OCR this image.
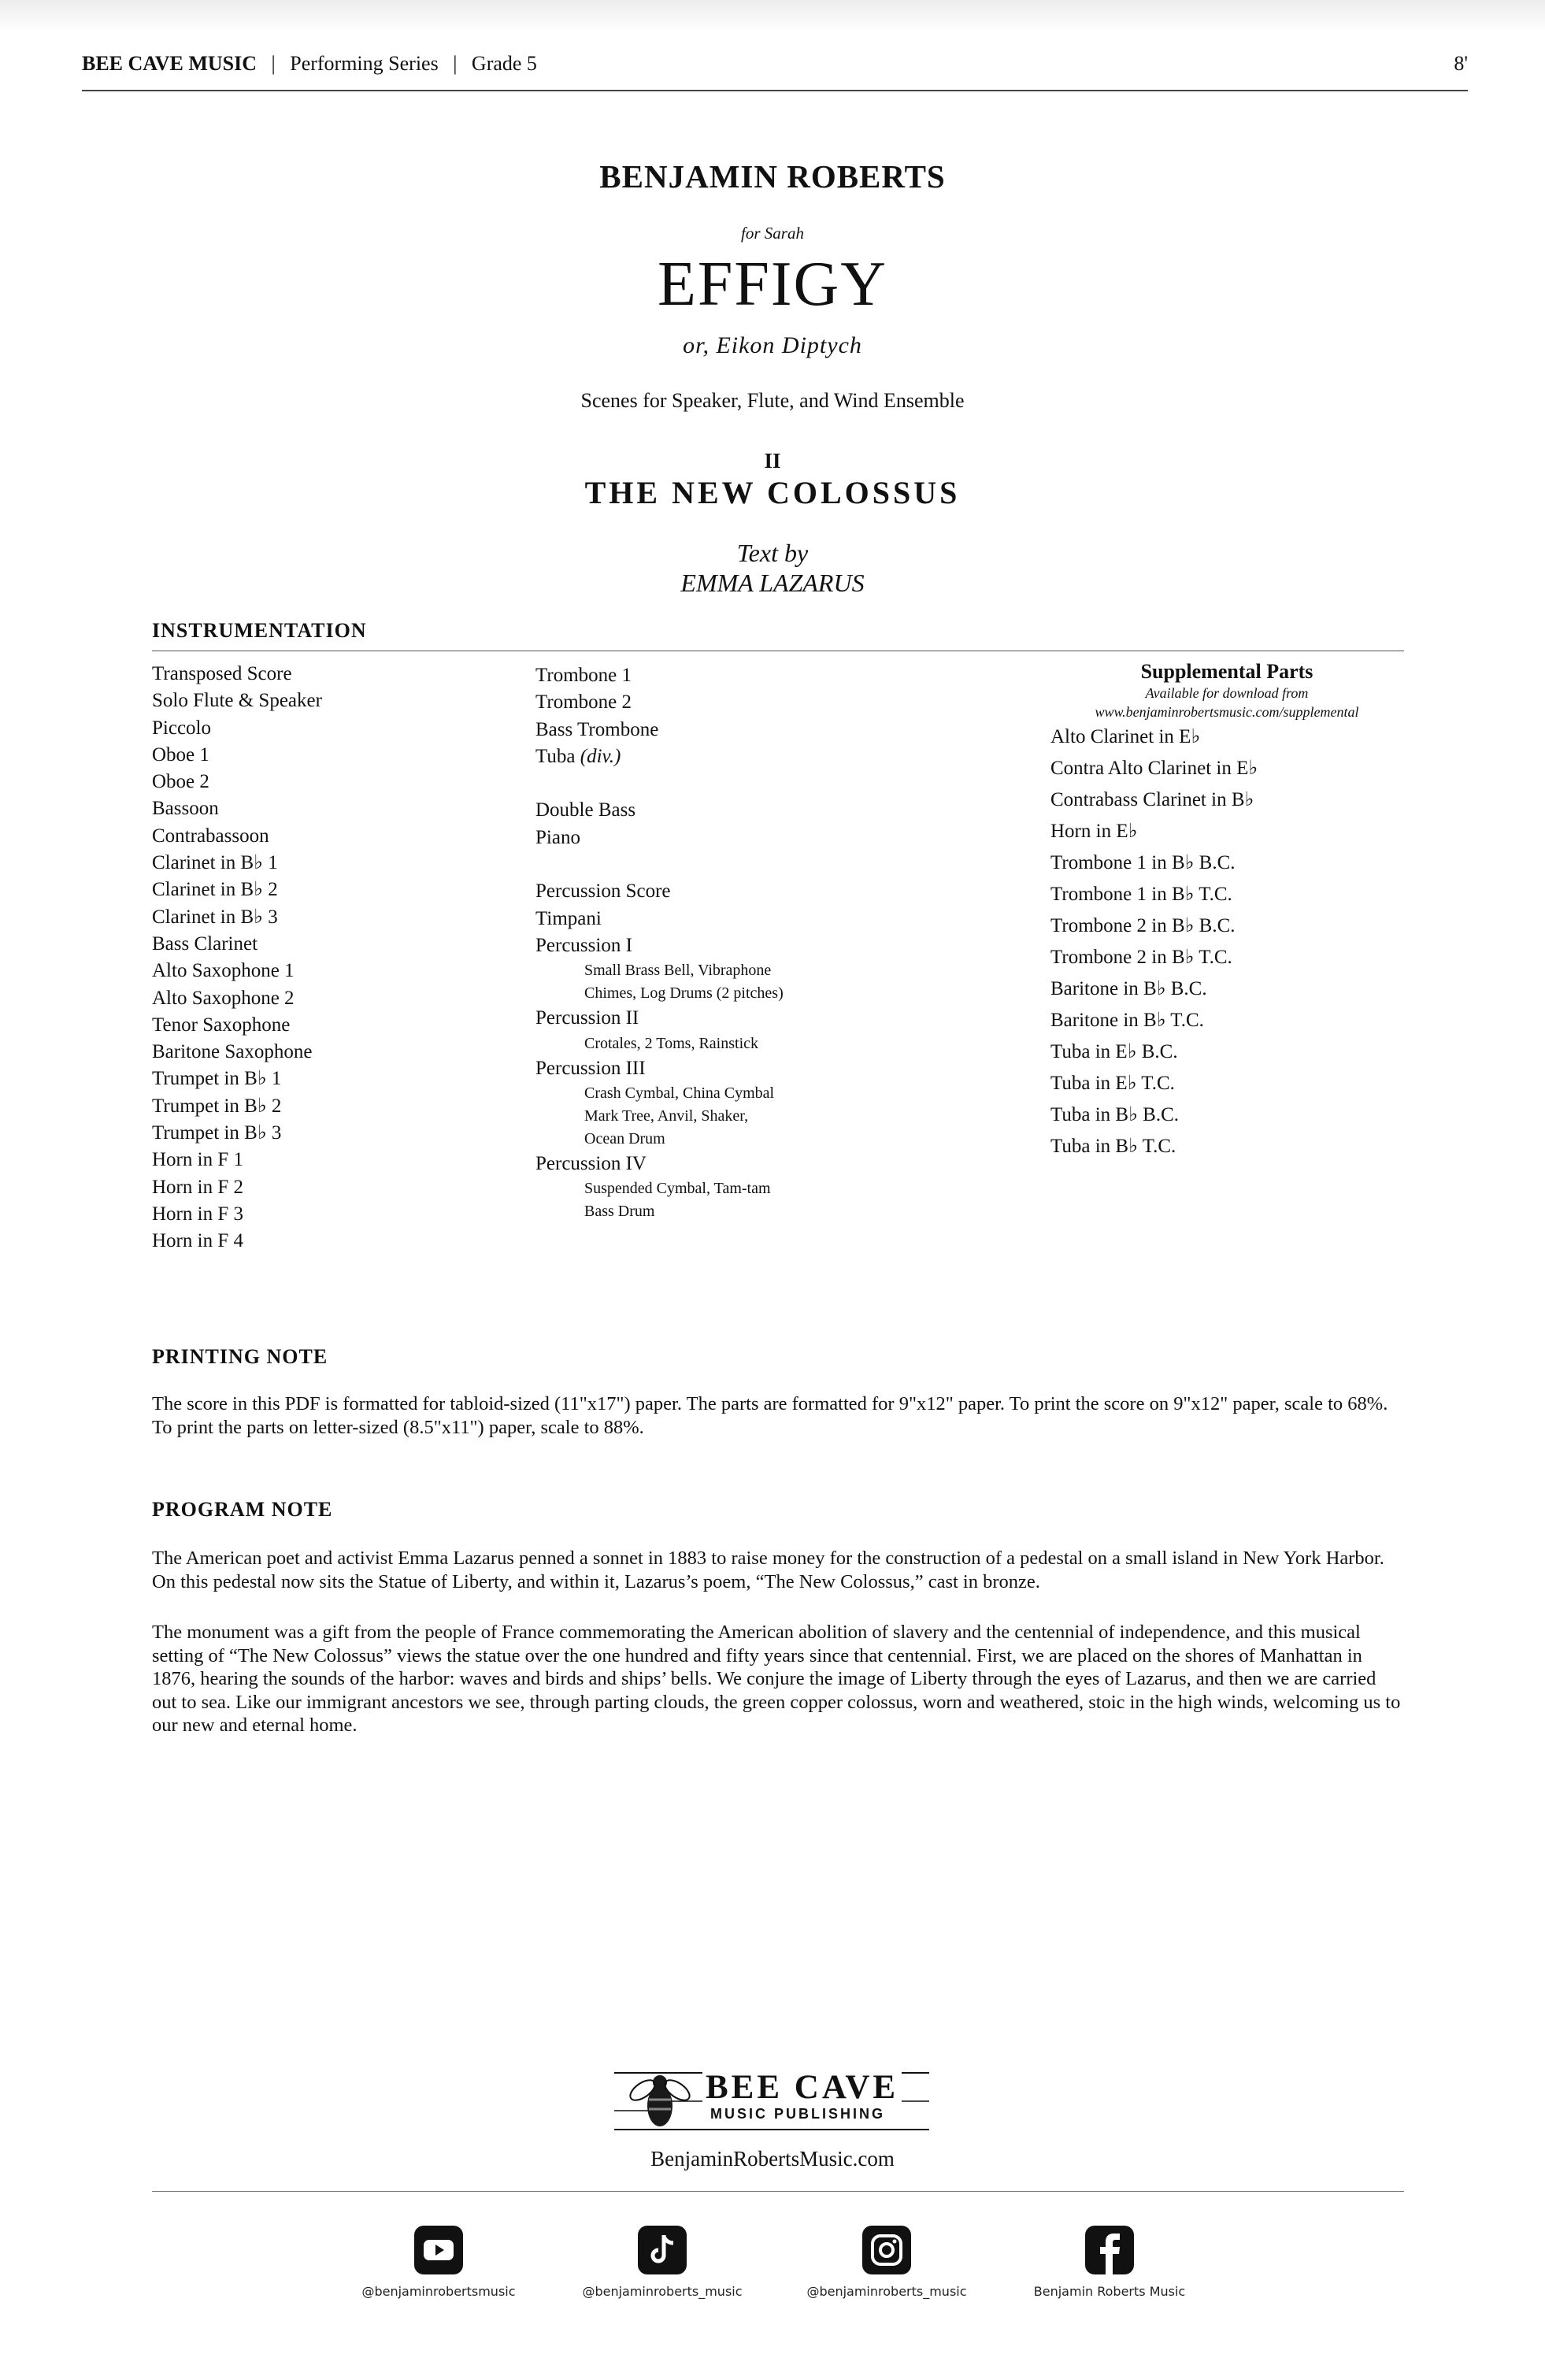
BEE CAVE MUSIC | Performing Series | Grade 5	8'
BENJAMIN ROBERTS
for Sarah
EFFIGY
or, Eikon Diptych
Scenes for Speaker, Flute, and Wind Ensemble
II
THE NEW COLOSSUS
Text by
EMMA LAZARUS
INSTRUMENTATION
Transposed Score
Solo Flute & Speaker
Piccolo
Oboe 1
Oboe 2
Bassoon
Contrabassoon
Clarinet in B♭ 1
Clarinet in B♭ 2
Clarinet in B♭ 3
Bass Clarinet
Alto Saxophone 1
Alto Saxophone 2
Tenor Saxophone
Baritone Saxophone
Trumpet in B♭ 1
Trumpet in B♭ 2
Trumpet in B♭ 3
Horn in F 1
Horn in F 2
Horn in F 3
Horn in F 4
Trombone 1
Trombone 2
Bass Trombone
Tuba (div.)
Double Bass
Piano
Percussion Score
Timpani
Percussion I
Small Brass Bell, Vibraphone
Chimes, Log Drums (2 pitches)
Percussion II
Crotales, 2 Toms, Rainstick
Percussion III
Crash Cymbal, China Cymbal
Mark Tree, Anvil, Shaker,
Ocean Drum
Percussion IV
Suspended Cymbal, Tam-tam
Bass Drum
Supplemental Parts
Available for download from
www.benjaminrobertsmusic.com/supplemental
Alto Clarinet in E♭
Contra Alto Clarinet in E♭
Contrabass Clarinet in B♭
Horn in E♭
Trombone 1 in B♭ B.C.
Trombone 1 in B♭ T.C.
Trombone 2 in B♭ B.C.
Trombone 2 in B♭ T.C.
Baritone in B♭ B.C.
Baritone in B♭ T.C.
Tuba in E♭ B.C.
Tuba in E♭ T.C.
Tuba in B♭ B.C.
Tuba in B♭ T.C.
PRINTING NOTE
The score in this PDF is formatted for tabloid-sized (11"x17") paper. The parts are formatted for 9"x12" paper. To print the score on 9"x12" paper, scale to 68%. To print the parts on letter-sized (8.5"x11") paper, scale to 88%.
PROGRAM NOTE
The American poet and activist Emma Lazarus penned a sonnet in 1883 to raise money for the construction of a pedestal on a small island in New York Harbor. On this pedestal now sits the Statue of Liberty, and within it, Lazarus’s poem, “The New Colossus,” cast in bronze.
The monument was a gift from the people of France commemorating the American abolition of slavery and the centennial of independence, and this musical setting of “The New Colossus” views the statue over the one hundred and fifty years since that centennial. First, we are placed on the shores of Manhattan in 1876, hearing the sounds of the harbor: waves and birds and ships’ bells. We conjure the image of Liberty through the eyes of Lazarus, and then we are carried out to sea. Like our immigrant ancestors we see, through parting clouds, the green copper colossus, worn and weathered, stoic in the high winds, welcoming us to our new and eternal home.
BEE CAVE
MUSIC PUBLISHING
BenjaminRobertsMusic.com
@benjaminrobertsmusic	@benjaminroberts_music	@benjaminroberts_music	Benjamin Roberts Music
